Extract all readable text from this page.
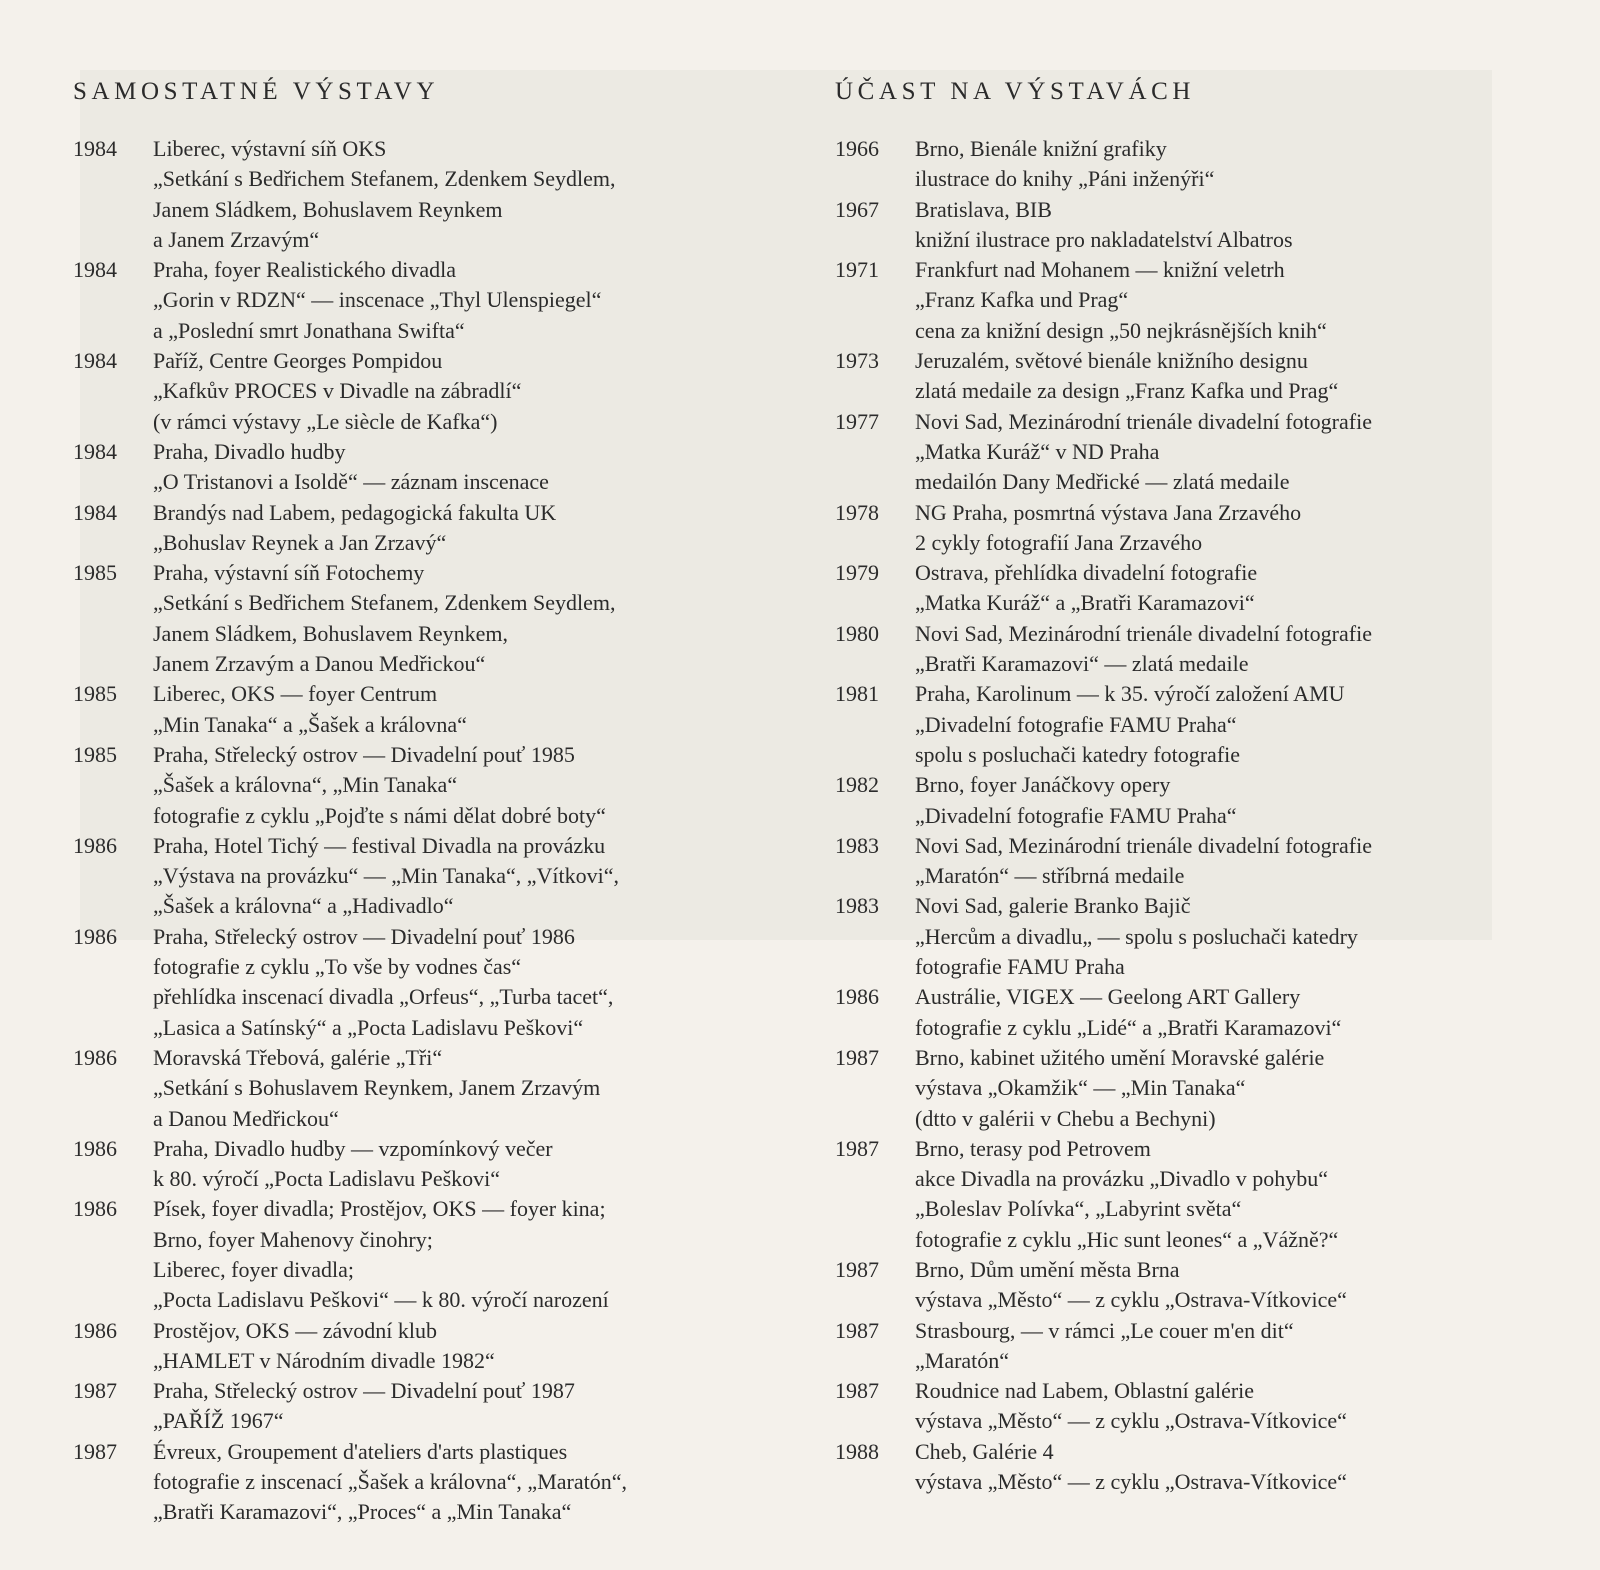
SAMOSTATNÉ VÝSTAVY
1984	Liberec, výstavní síň OKS
„Setkání s Bedřichem Stefanem, Zdenkem Seydlem,
Janem Sládkem, Bohuslavem Reynkem
a Janem Zrzavým“
1984	Praha, foyer Realistického divadla
„Gorin v RDZN“ — inscenace „Thyl Ulenspiegel“
a „Poslední smrt Jonathana Swifta“
1984	Paříž, Centre Georges Pompidou
„Kafkův PROCES v Divadle na zábradlí“
(v rámci výstavy „Le siècle de Kafka“)
1984	Praha, Divadlo hudby
„O Tristanovi a Isoldě“ — záznam inscenace
1984	Brandýs nad Labem, pedagogická fakulta UK
„Bohuslav Reynek a Jan Zrzavý“
1985	Praha, výstavní síň Fotochemy
„Setkání s Bedřichem Stefanem, Zdenkem Seydlem,
Janem Sládkem, Bohuslavem Reynkem,
Janem Zrzavým a Danou Medřickou“
1985	Liberec, OKS — foyer Centrum
„Min Tanaka“ a „Šašek a královna“
1985	Praha, Střelecký ostrov — Divadelní pouť 1985
„Šašek a královna“, „Min Tanaka“
fotografie z cyklu „Pojďte s námi dělat dobré boty“
1986	Praha, Hotel Tichý — festival Divadla na provázku
„Výstava na provázku“ — „Min Tanaka“, „Vítkovi“,
„Šašek a královna“ a „Hadivadlo“
1986	Praha, Střelecký ostrov — Divadelní pouť 1986
fotografie z cyklu „To vše by vodnes čas“
přehlídka inscenací divadla „Orfeus“, „Turba tacet“,
„Lasica a Satínský“ a „Pocta Ladislavu Peškovi“
1986	Moravská Třebová, galérie „Tři“
„Setkání s Bohuslavem Reynkem, Janem Zrzavým
a Danou Medřickou“
1986	Praha, Divadlo hudby — vzpomínkový večer
k 80. výročí „Pocta Ladislavu Peškovi“
1986	Písek, foyer divadla; Prostějov, OKS — foyer kina;
Brno, foyer Mahenovy činohry;
Liberec, foyer divadla;
„Pocta Ladislavu Peškovi“ — k 80. výročí narození
1986	Prostějov, OKS — závodní klub
„HAMLET v Národním divadle 1982“
1987	Praha, Střelecký ostrov — Divadelní pouť 1987
„PAŘÍŽ 1967“
1987	Évreux, Groupement d'ateliers d'arts plastiques
fotografie z inscenací „Šašek a královna“, „Maratón“,
„Bratři Karamazovi“, „Proces“ a „Min Tanaka“
ÚČAST NA VÝSTAVÁCH
1966	Brno, Bienále knižní grafiky
ilustrace do knihy „Páni inženýři“
1967	Bratislava, BIB
knižní ilustrace pro nakladatelství Albatros
1971	Frankfurt nad Mohanem — knižní veletrh
„Franz Kafka und Prag“
cena za knižní design „50 nejkrásnějších knih“
1973	Jeruzalém, světové bienále knižního designu
zlatá medaile za design „Franz Kafka und Prag“
1977	Novi Sad, Mezinárodní trienále divadelní fotografie
„Matka Kuráž“ v ND Praha
medailón Dany Medřické — zlatá medaile
1978	NG Praha, posmrtná výstava Jana Zrzavého
2 cykly fotografií Jana Zrzavého
1979	Ostrava, přehlídka divadelní fotografie
„Matka Kuráž“ a „Bratři Karamazovi“
1980	Novi Sad, Mezinárodní trienále divadelní fotografie
„Bratři Karamazovi“ — zlatá medaile
1981	Praha, Karolinum — k 35. výročí založení AMU
„Divadelní fotografie FAMU Praha“
spolu s posluchači katedry fotografie
1982	Brno, foyer Janáčkovy opery
„Divadelní fotografie FAMU Praha“
1983	Novi Sad, Mezinárodní trienále divadelní fotografie
„Maratón“ — stříbrná medaile
1983	Novi Sad, galerie Branko Bajič
„Hercům a divadlu„ — spolu s posluchači katedry
fotografie FAMU Praha
1986	Austrálie, VIGEX — Geelong ART Gallery
fotografie z cyklu „Lidé“ a „Bratři Karamazovi“
1987	Brno, kabinet užitého umění Moravské galérie
výstava „Okamžik“ — „Min Tanaka“
(dtto v galérii v Chebu a Bechyni)
1987	Brno, terasy pod Petrovem
akce Divadla na provázku „Divadlo v pohybu“
„Boleslav Polívka“, „Labyrint světa“
fotografie z cyklu „Hic sunt leones“ a „Vážně?“
1987	Brno, Dům umění města Brna
výstava „Město“ — z cyklu „Ostrava-Vítkovice“
1987	Strasbourg, — v rámci „Le couer m'en dit“
„Maratón“
1987	Roudnice nad Labem, Oblastní galérie
výstava „Město“ — z cyklu „Ostrava-Vítkovice“
1988	Cheb, Galérie 4
výstava „Město“ — z cyklu „Ostrava-Vítkovice“
